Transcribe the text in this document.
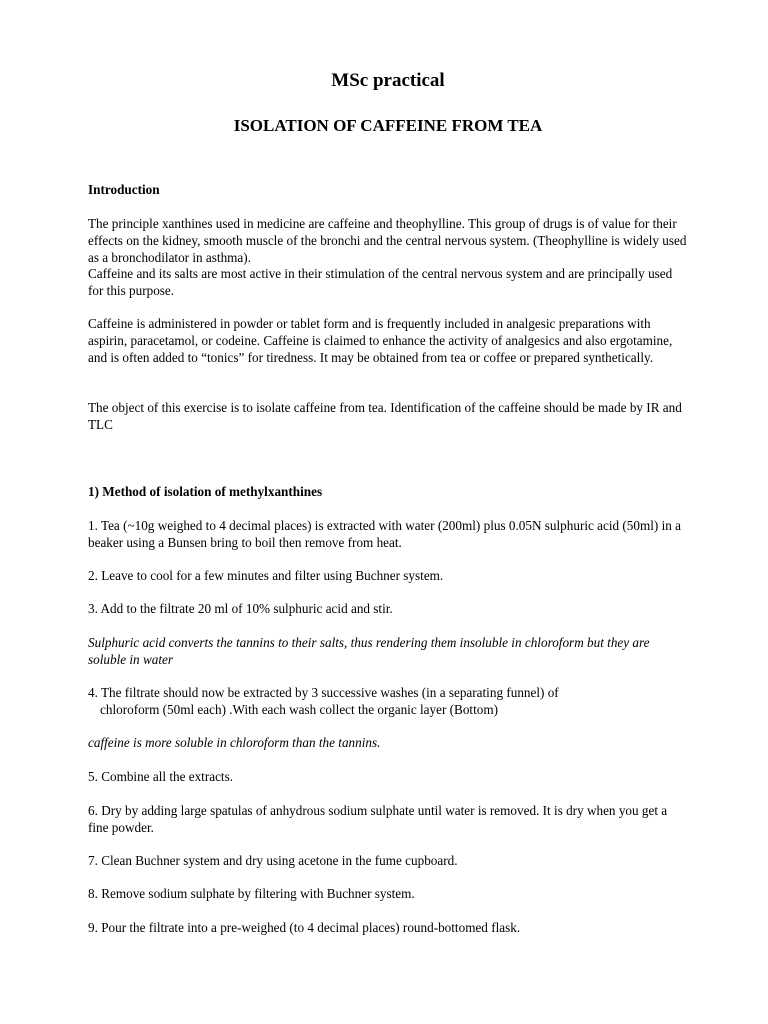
MSc practical
ISOLATION OF CAFFEINE FROM TEA
Introduction
The principle xanthines used in medicine are caffeine and theophylline. This group of drugs is of value for their effects on the kidney, smooth muscle of the bronchi and the central nervous system. (Theophylline is widely used as a bronchodilator in asthma).
Caffeine and its salts are most active in their stimulation of the central nervous system and are principally used for this purpose.
Caffeine is administered in powder or tablet form and is frequently included in analgesic preparations with aspirin, paracetamol, or codeine. Caffeine is claimed to enhance the activity of analgesics and also ergotamine, and is often added to “tonics” for tiredness. It may be obtained from tea or coffee or prepared synthetically.
The object of this exercise is to isolate caffeine from tea. Identification of the caffeine should be made by IR and TLC
1) Method of isolation of methylxanthines
1. Tea (~10g weighed to 4 decimal places) is extracted with water (200ml) plus 0.05N sulphuric acid (50ml) in a beaker using a Bunsen bring to boil then remove from heat.
2. Leave to cool for a few minutes and filter using Buchner system.
3. Add to the filtrate 20 ml of 10% sulphuric acid and stir.
Sulphuric acid converts the tannins to their salts, thus rendering them insoluble in chloroform but they are soluble in water
4. The filtrate should now be extracted by 3 successive washes (in a separating funnel) of
chloroform (50ml each) .With each wash collect the organic layer (Bottom)
caffeine is more soluble in chloroform than the tannins.
5. Combine all the extracts.
6. Dry by adding large spatulas of anhydrous sodium sulphate until water is removed. It is dry when you get a fine powder.
7. Clean Buchner system and dry using acetone in the fume cupboard.
8. Remove sodium sulphate by filtering with Buchner system.
9. Pour the filtrate into a pre-weighed (to 4 decimal places) round-bottomed flask.
